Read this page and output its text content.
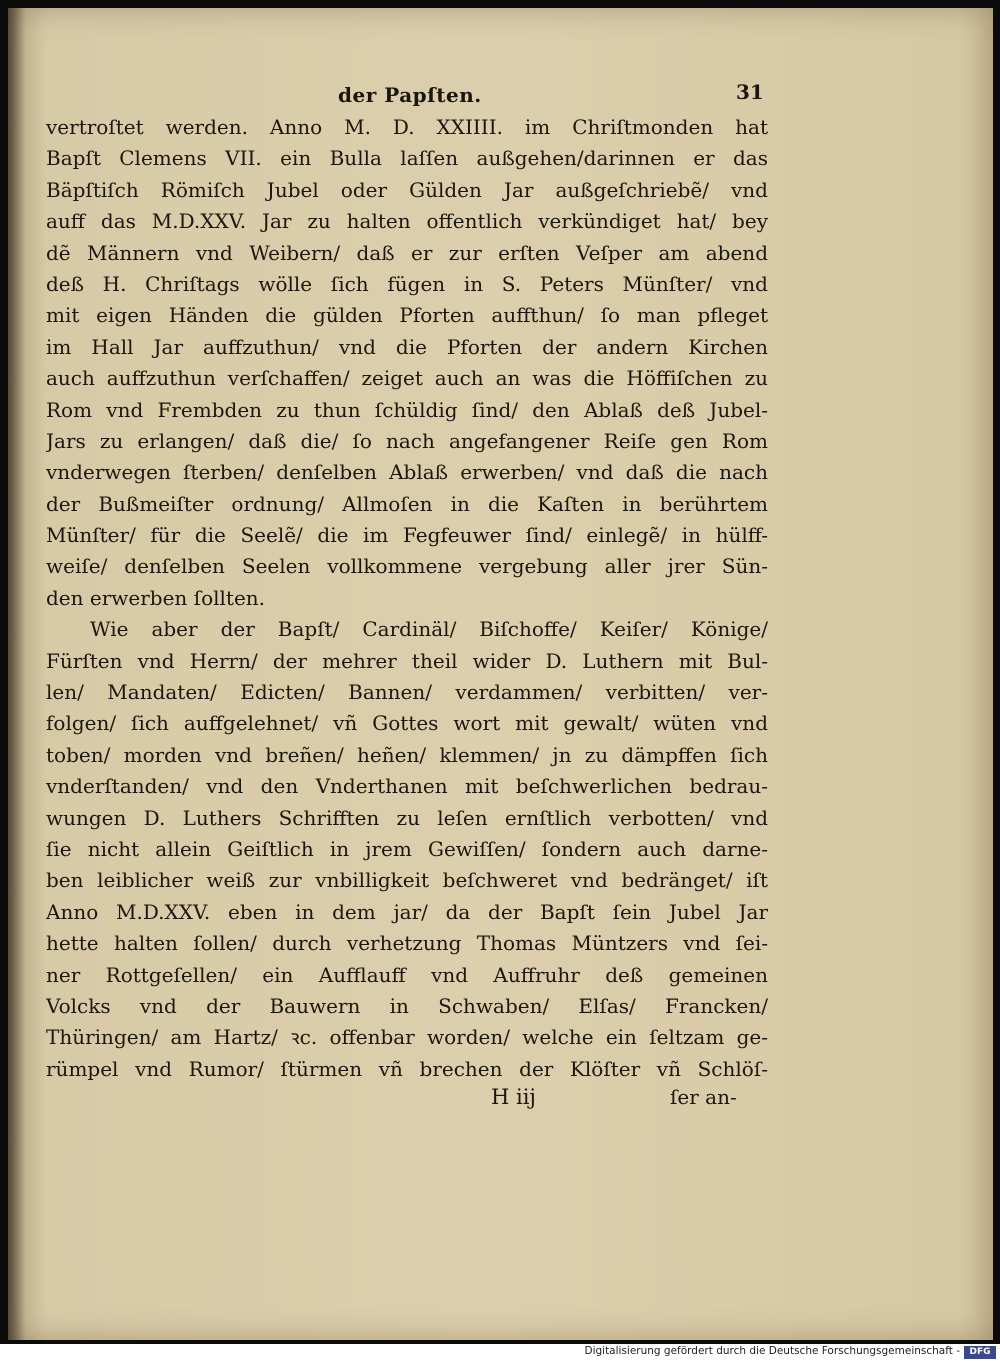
der Papſten.	31
vertroſtet werden. Anno M. D. XXIIII. im Chriſtmonden hat
Bapſt Clemens VII. ein Bulla laſſen außgehen/darinnen er das
Bäpſtiſch Römiſch Jubel oder Gülden Jar außgeſchriebẽ/ vnd
auff das M.D.XXV. Jar zu halten offentlich verkündiget hat/ bey
dẽ Männern vnd Weibern/ daß er zur erſten Veſper am abend
deß H. Chriſtags wölle ſich fügen in S. Peters Münſter/ vnd
mit eigen Händen die gülden Pforten auffthun/ ſo man pfleget
im Hall Jar auffzuthun/ vnd die Pforten der andern Kirchen
auch auffzuthun verſchaffen/ zeiget auch an was die Höffiſchen zu
Rom vnd Frembden zu thun ſchüldig ſind/ den Ablaß deß Jubel-
Jars zu erlangen/ daß die/ ſo nach angefangener Reiſe gen Rom
vnderwegen ſterben/ denſelben Ablaß erwerben/ vnd daß die nach
der Bußmeiſter ordnung/ Allmoſen in die Kaſten in berührtem
Münſter/ für die Seelẽ/ die im Fegfeuwer ſind/ einlegẽ/ in hülff-
weiſe/ denſelben Seelen vollkommene vergebung aller jrer Sün-
den erwerben ſollten.
Wie aber der Bapſt/ Cardinäl/ Biſchoffe/ Keiſer/ Könige/
Fürſten vnd Herrn/ der mehrer theil wider D. Luthern mit Bul-
len/ Mandaten/ Edicten/ Bannen/ verdammen/ verbitten/ ver-
folgen/ ſich auffgelehnet/ vñ Gottes wort mit gewalt/ wüten vnd
toben/ morden vnd breñen/ heñen/ klemmen/ jn zu dämpffen ſich
vnderſtanden/ vnd den Vnderthanen mit beſchwerlichen bedrau-
wungen D. Luthers Schrifften zu leſen ernſtlich verbotten/ vnd
ſie nicht allein Geiſtlich in jrem Gewiſſen/ ſondern auch darne-
ben leiblicher weiß zur vnbilligkeit beſchweret vnd bedränget/ iſt
Anno M.D.XXV. eben in dem jar/ da der Bapſt ſein Jubel Jar
hette halten ſollen/ durch verhetzung Thomas Müntzers vnd ſei-
ner Rottgeſellen/ ein Aufflauff vnd Auffruhr deß gemeinen
Volcks vnd der Bauwern in Schwaben/ Elſas/ Francken/
Thüringen/ am Hartz/ ꝛc. offenbar worden/ welche ein ſeltzam ge-
rümpel vnd Rumor/ ſtürmen vñ brechen der Klöſter vñ Schlöſ-
H iij	ſer an-
Digitalisierung gefördert durch die Deutsche Forschungsgemeinschaft -	DFG
